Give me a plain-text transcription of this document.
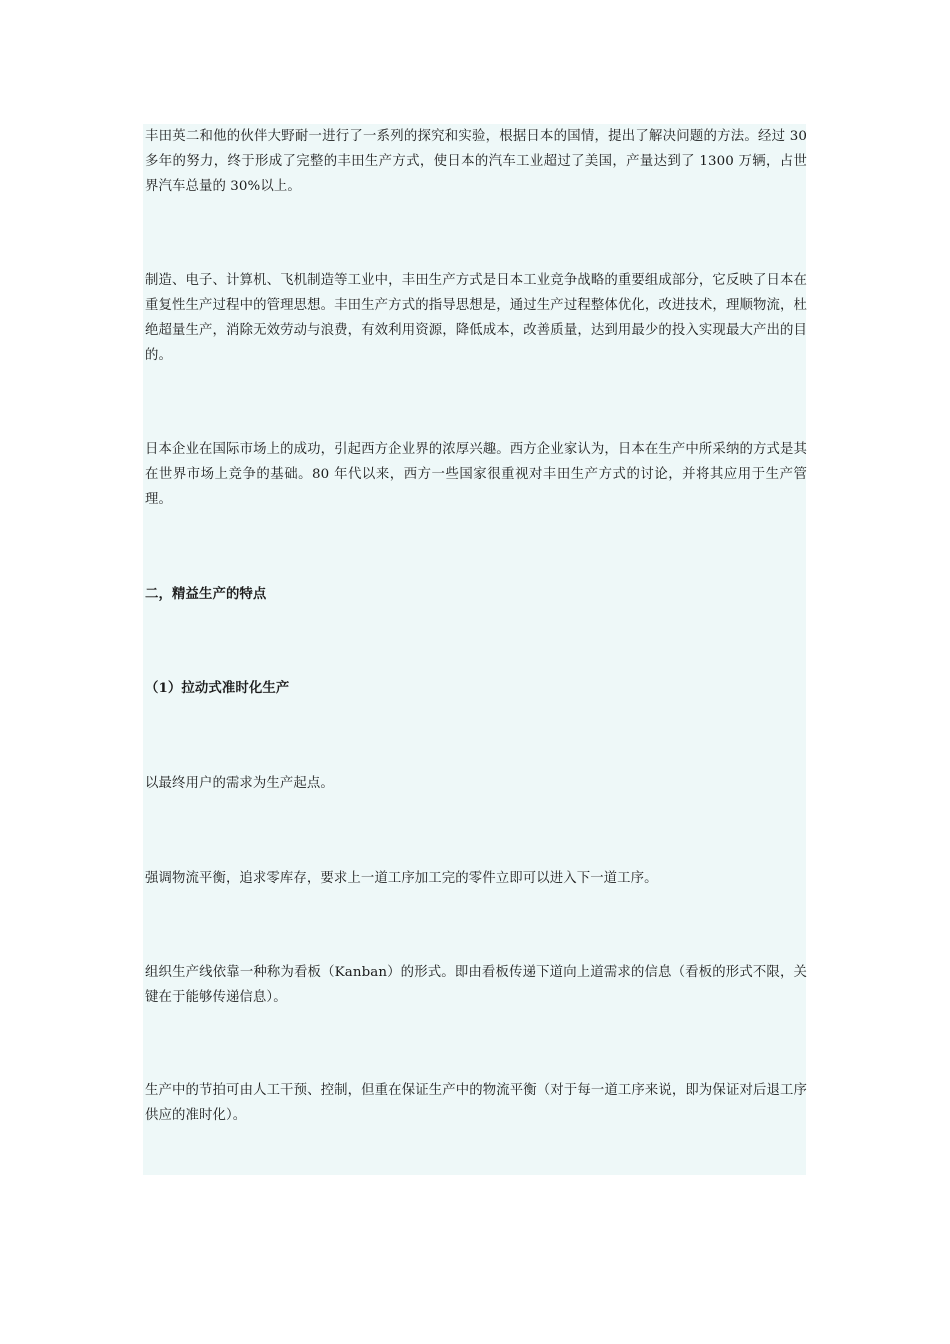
丰田英二和他的伙伴大野耐一进行了一系列的探究和实验，根据日本的国情，提出了解决问题的方法。经过 30 多年的努力，终于形成了完整的丰田生产方式，使日本的汽车工业超过了美国，产量达到了 1300 万辆，占世界汽车总量的 30%以上。

制造、电子、计算机、飞机制造等工业中，丰田生产方式是日本工业竞争战略的重要组成部分，它反映了日本在重复性生产过程中的管理思想。丰田生产方式的指导思想是，通过生产过程整体优化，改进技术，理顺物流，杜绝超量生产，消除无效劳动与浪费，有效利用资源，降低成本，改善质量，达到用最少的投入实现最大产出的目的。

日本企业在国际市场上的成功，引起西方企业界的浓厚兴趣。西方企业家认为，日本在生产中所采纳的方式是其在世界市场上竞争的基础。80 年代以来，西方一些国家很重视对丰田生产方式的讨论，并将其应用于生产管理。

二，精益生产的特点

（1）拉动式准时化生产

以最终用户的需求为生产起点。

强调物流平衡，追求零库存，要求上一道工序加工完的零件立即可以进入下一道工序。

组织生产线依靠一种称为看板（Kanban）的形式。即由看板传递下道向上道需求的信息（看板的形式不限，关键在于能够传递信息）。

生产中的节拍可由人工干预、控制，但重在保证生产中的物流平衡（对于每一道工序来说，即为保证对后退工序供应的准时化）。
